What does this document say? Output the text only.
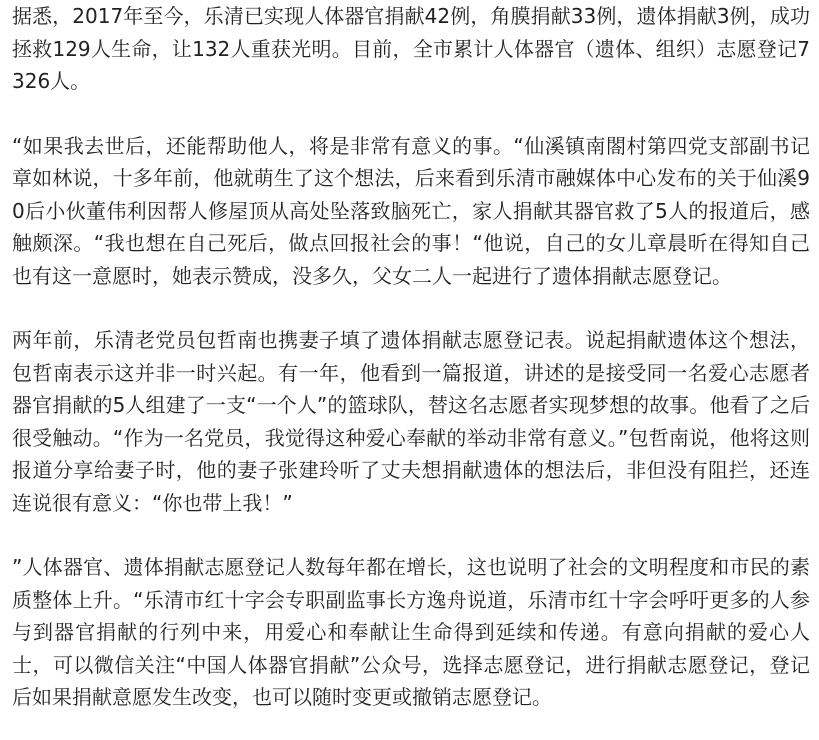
据悉，2017年至今，乐清已实现人体器官捐献42例，角膜捐献33例，遗体捐献3例，成功拯救129人生命，让132人重获光明。目前，全市累计人体器官（遗体、组织）志愿登记7326人。

“如果我去世后，还能帮助他人，将是非常有意义的事。“仙溪镇南閤村第四党支部副书记章如林说，十多年前，他就萌生了这个想法，后来看到乐清市融媒体中心发布的关于仙溪90后小伙董伟利因帮人修屋顶从高处坠落致脑死亡，家人捐献其器官救了5人的报道后，感触颇深。“我也想在自己死后，做点回报社会的事！“他说，自己的女儿章晨昕在得知自己也有这一意愿时，她表示赞成，没多久，父女二人一起进行了遗体捐献志愿登记。

两年前，乐清老党员包哲南也携妻子填了遗体捐献志愿登记表。说起捐献遗体这个想法，包哲南表示这并非一时兴起。有一年，他看到一篇报道，讲述的是接受同一名爱心志愿者器官捐献的5人组建了一支“一个人”的篮球队，替这名志愿者实现梦想的故事。他看了之后很受触动。“作为一名党员，我觉得这种爱心奉献的举动非常有意义。”包哲南说，他将这则报道分享给妻子时，他的妻子张建玲听了丈夫想捐献遗体的想法后，非但没有阻拦，还连连说很有意义：“你也带上我！”

”人体器官、遗体捐献志愿登记人数每年都在增长，这也说明了社会的文明程度和市民的素质整体上升。“乐清市红十字会专职副监事长方逸舟说道，乐清市红十字会呼吁更多的人参与到器官捐献的行列中来，用爱心和奉献让生命得到延续和传递。有意向捐献的爱心人士，可以微信关注“中国人体器官捐献”公众号，选择志愿登记，进行捐献志愿登记，登记后如果捐献意愿发生改变，也可以随时变更或撤销志愿登记。
